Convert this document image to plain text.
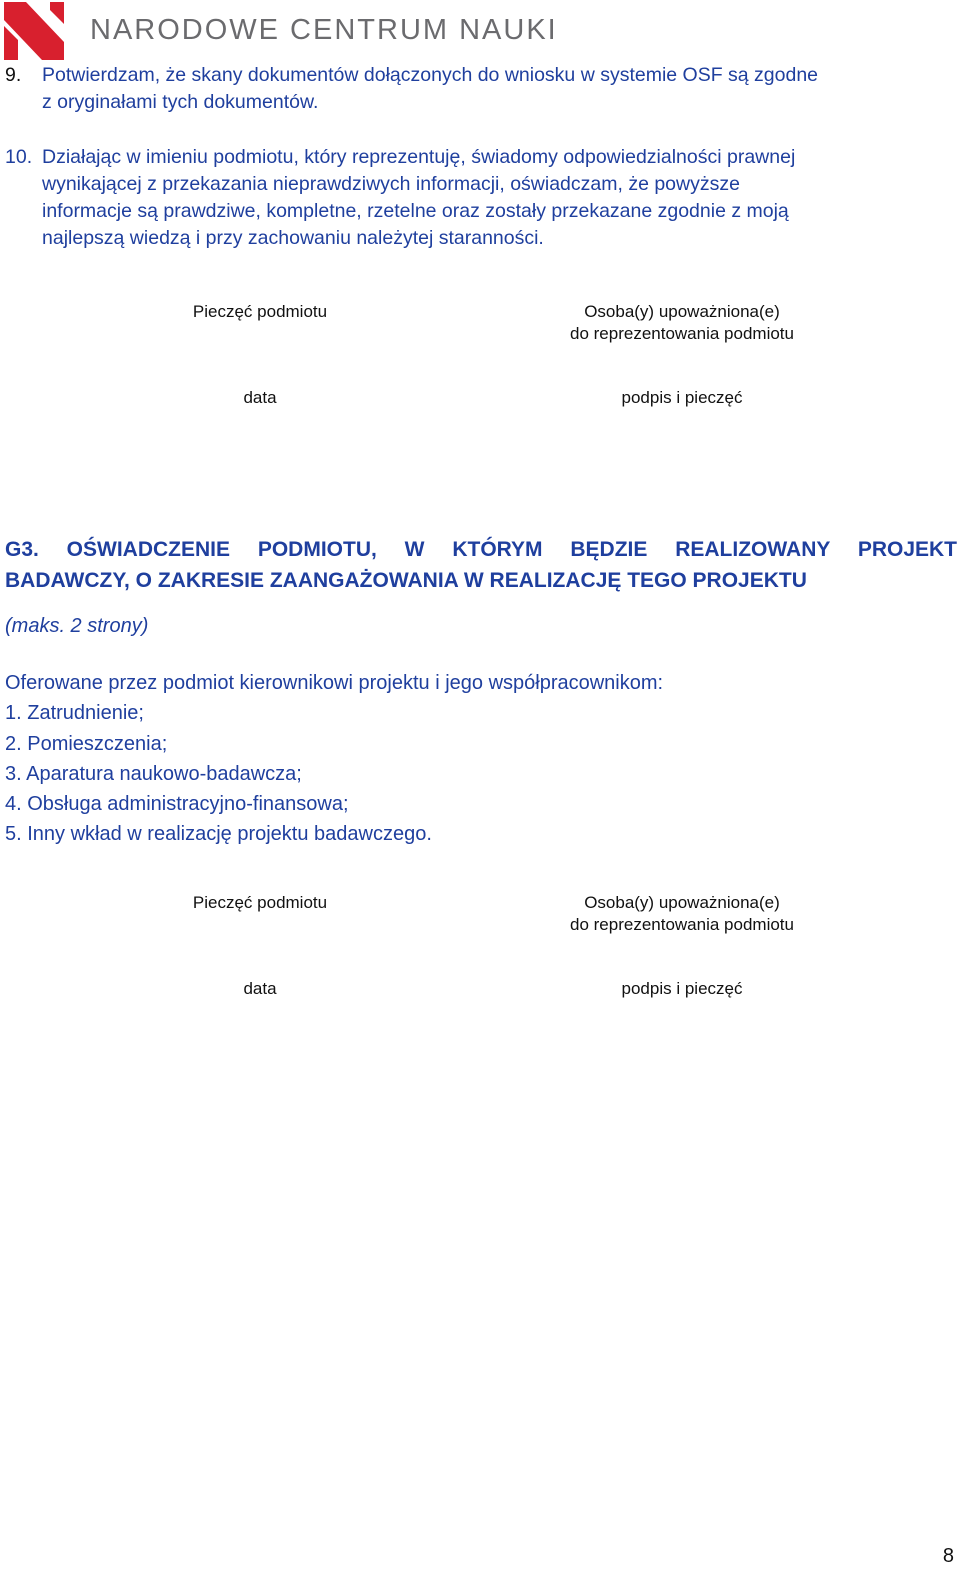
NARODOWE CENTRUM NAUKI
9. Potwierdzam, że skany dokumentów dołączonych do wniosku w systemie OSF są zgodne
z oryginałami tych dokumentów.
10. Działając w imieniu podmiotu, który reprezentuję, świadomy odpowiedzialności prawnej
wynikającej z przekazania nieprawdziwych informacji, oświadczam, że powyższe
informacje są prawdziwe, kompletne, rzetelne oraz zostały przekazane zgodnie z moją
najlepszą wiedzą i przy zachowaniu należytej staranności.
Pieczęć podmiotu	Osoba(y) upoważniona(e)
do reprezentowania podmiotu
data	podpis i pieczęć
G3. OŚWIADCZENIE PODMIOTU, W KTÓRYM BĘDZIE REALIZOWANY PROJEKT
BADAWCZY, O ZAKRESIE ZAANGAŻOWANIA W REALIZACJĘ TEGO PROJEKTU
(maks. 2 strony)
Oferowane przez podmiot kierownikowi projektu i jego współpracownikom:
1. Zatrudnienie;
2. Pomieszczenia;
3. Aparatura naukowo-badawcza;
4. Obsługa administracyjno-finansowa;
5. Inny wkład w realizację projektu badawczego.
Pieczęć podmiotu	Osoba(y) upoważniona(e)
do reprezentowania podmiotu
data	podpis i pieczęć
8
